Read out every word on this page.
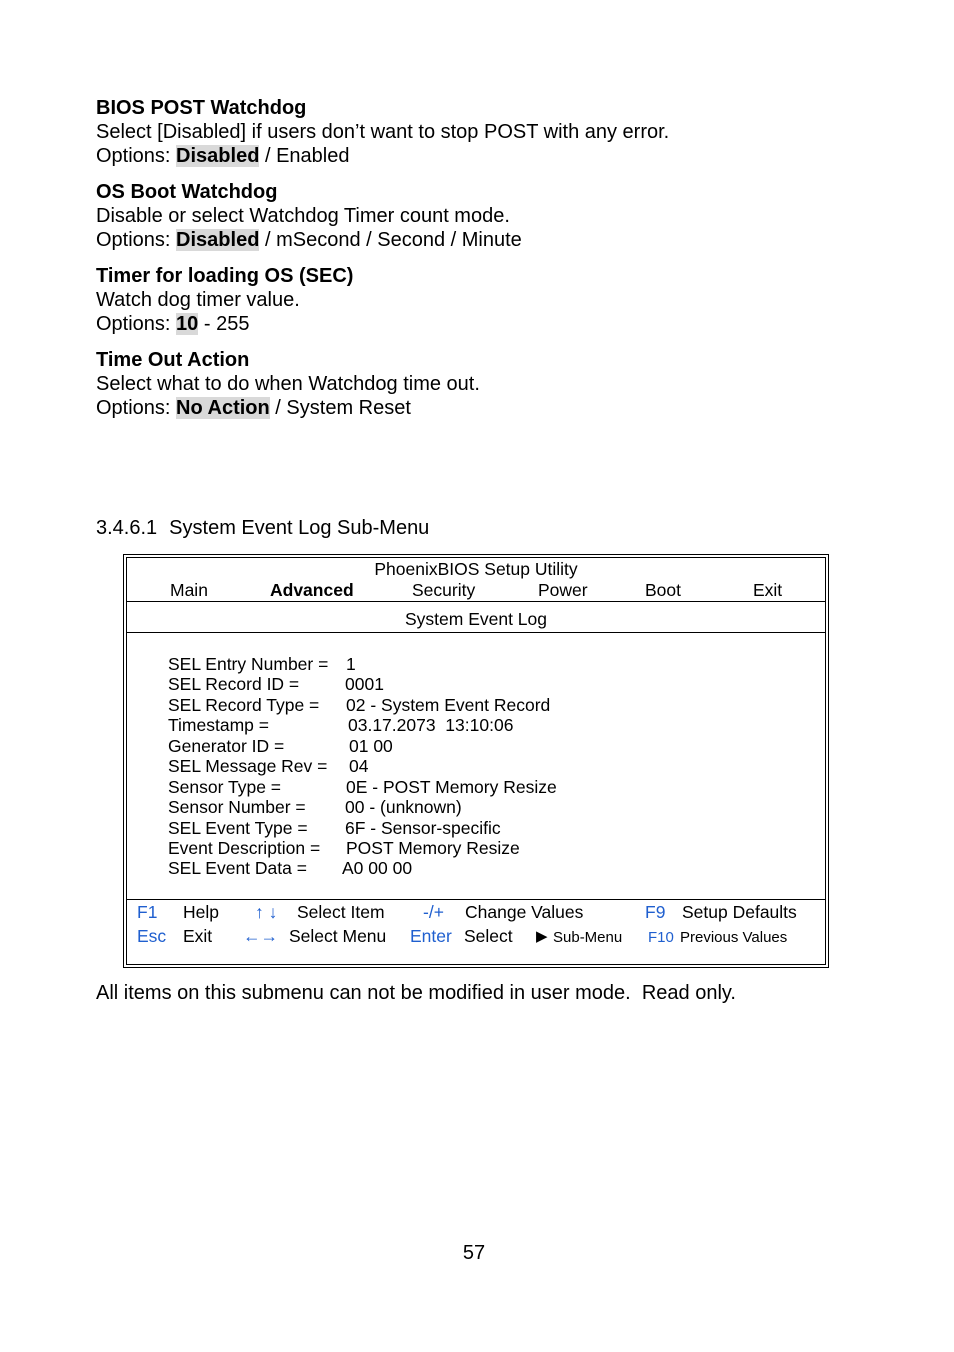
BIOS POST Watchdog
Select [Disabled] if users don’t want to stop POST with any error.
Options: Disabled / Enabled
OS Boot Watchdog
Disable or select Watchdog Timer count mode.
Options: Disabled / mSecond / Second / Minute
Timer for loading OS (SEC)
Watch dog timer value.
Options: 10 - 255
Time Out Action
Select what to do when Watchdog time out.
Options: No Action / System Reset
3.4.6.1 System Event Log Sub-Menu
PhoenixBIOS Setup Utility
Main	Advanced	Security	Power	Boot	Exit
System Event Log
SEL Entry Number = 1
SEL Record ID =	0001
SEL Record Type = 02 - System Event Record
Timestamp =	03.17.2073  13:10:06
Generator ID =	01 00
SEL Message Rev = 04
Sensor Type =	0E - POST Memory Resize
Sensor Number = 00 - (unknown)
SEL Event Type = 6F - Sensor-specific
Event Description = POST Memory Resize
SEL Event Data = A0 00 00
F1 Help ↑ ↓ Select Item -/+ Change Values	F9 Setup Defaults
Esc Exit ←→ Select Menu Enter Select ▶ Sub-Menu F10 Previous Values
All items on this submenu can not be modified in user mode.  Read only.
57
